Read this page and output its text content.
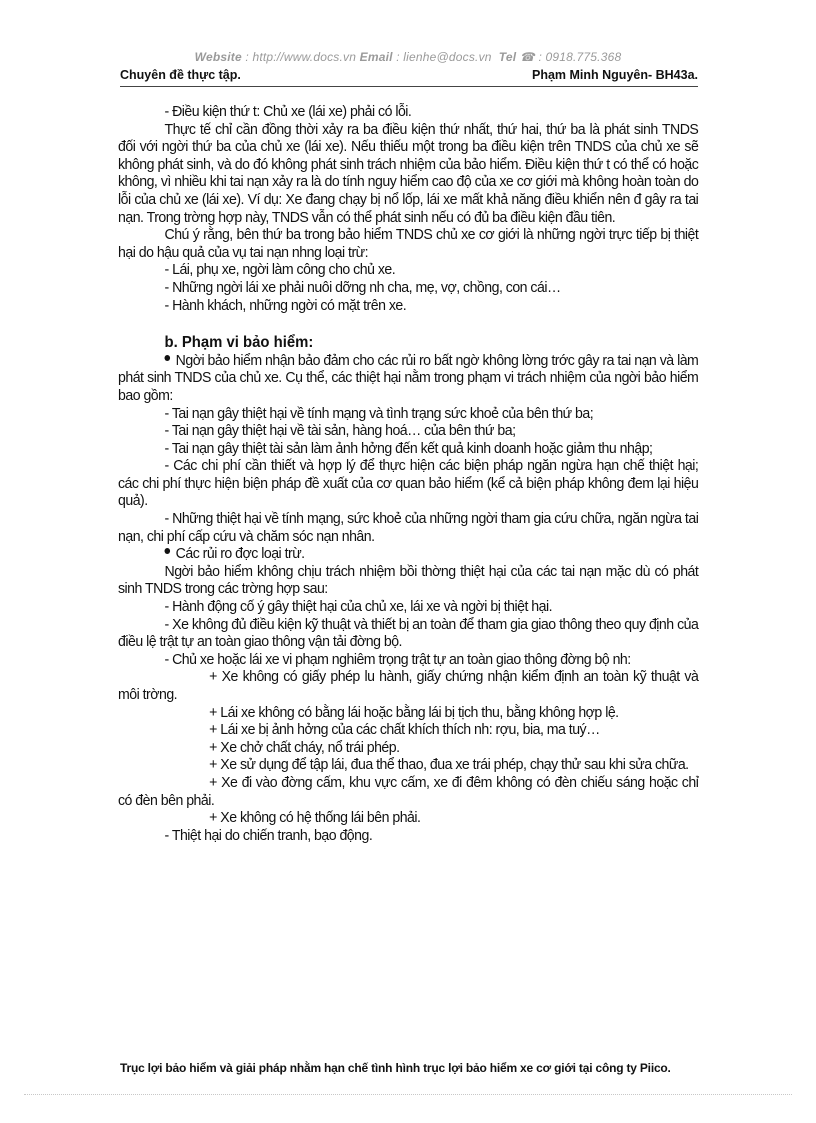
Website : http://www.docs.vn Email : lienhe@docs.vn Tel ☎ : 0918.775.368
Chuyên đề thực tập.	Phạm Minh Nguyên- BH43a.

- Điều kiện thứ t: Chủ xe (lái xe) phải có lỗi.

Thực tế chỉ cần đồng thời xảy ra ba điều kiện thứ nhất, thứ hai, thứ ba là phát sinh TNDS đối với ngời thứ ba của chủ xe (lái xe). Nếu thiếu một trong ba điều kiện trên TNDS của chủ xe sẽ không phát sinh, và do đó không phát sinh trách nhiệm của bảo hiểm. Điều kiện thứ t có thể có hoặc không, vì nhiều khi tai nạn xảy ra là do tính nguy hiểm cao độ của xe cơ giới mà không hoàn toàn do lỗi của chủ xe (lái xe). Ví dụ: Xe đang chạy bị nổ lốp, lái xe mất khả năng điều khiển nên đ gây ra tai nạn. Trong trờng hợp này, TNDS vẫn có thể phát sinh nếu có đủ ba điều kiện đầu tiên.

Chú ý rằng, bên thứ ba trong bảo hiểm TNDS chủ xe cơ giới là những ngời trực tiếp bị thiệt hại do hậu quả của vụ tai nạn nhng loại trừ:

- Lái, phụ xe, ngời làm công cho chủ xe.

- Những ngời lái xe phải nuôi dỡng nh cha, mẹ, vợ, chồng, con cái…

- Hành khách, những ngời có mặt trên xe.

b. Phạm vi bảo hiểm:

Ngời bảo hiểm nhận bảo đảm cho các rủi ro bất ngờ không lờng trớc gây ra tai nạn và làm phát sinh TNDS của chủ xe. Cụ thể, các thiệt hại nằm trong phạm vi trách nhiệm của ngời bảo hiểm bao gồm:

- Tai nạn gây thiệt hại về tính mạng và tình trạng sức khoẻ của bên thứ ba;

- Tai nạn gây thiệt hại về tài sản, hàng hoá… của bên thứ ba;

- Tai nạn gây thiệt tài sản làm ảnh hởng đến kết quả kinh doanh hoặc giảm thu nhập;

- Các chi phí cần thiết và hợp lý để thực hiện các biện pháp ngăn ngừa hạn chế thiệt hại; các chi phí thực hiện biện pháp đề xuất của cơ quan bảo hiểm (kể cả biện pháp không đem lại hiệu quả).

- Những thiệt hại về tính mạng, sức khoẻ của những ngời tham gia cứu chữa, ngăn ngừa tai nạn, chi phí cấp cứu và chăm sóc nạn nhân.

Các rủi ro đợc loại trừ.

Ngời bảo hiểm không chịu trách nhiệm bồi thờng thiệt hại của các tai nạn mặc dù có phát sinh TNDS trong các trờng hợp sau:

- Hành động cố ý gây thiệt hại của chủ xe, lái xe và ngời bị thiệt hại.

- Xe không đủ điều kiện kỹ thuật và thiết bị an toàn để tham gia giao thông theo quy định của điều lệ trật tự an toàn giao thông vận tải đờng bộ.

- Chủ xe hoặc lái xe vi phạm nghiêm trọng trật tự an toàn giao thông đờng bộ nh:

+ Xe không có giấy phép lu hành, giấy chứng nhận kiểm định an toàn kỹ thuật và môi trờng.

+ Lái xe không có bằng lái hoặc bằng lái bị tịch thu, bằng không hợp lệ.

+ Lái xe bị ảnh hởng của các chất khích thích nh: rợu, bia, ma tuý…

+ Xe chở chất cháy, nổ trái phép.

+ Xe sử dụng để tập lái, đua thể thao, đua xe trái phép, chạy thử sau khi sửa chữa.

+ Xe đi vào đờng cấm, khu vực cấm, xe đi đêm không có đèn chiếu sáng hoặc chỉ có đèn bên phải.

+ Xe không có hệ thống lái bên phải.

- Thiệt hại do chiến tranh, bạo động.

Trục lợi bảo hiểm và giải pháp nhằm hạn chế tình hình trục lợi bảo hiểm xe cơ giới tại công ty Piico.
